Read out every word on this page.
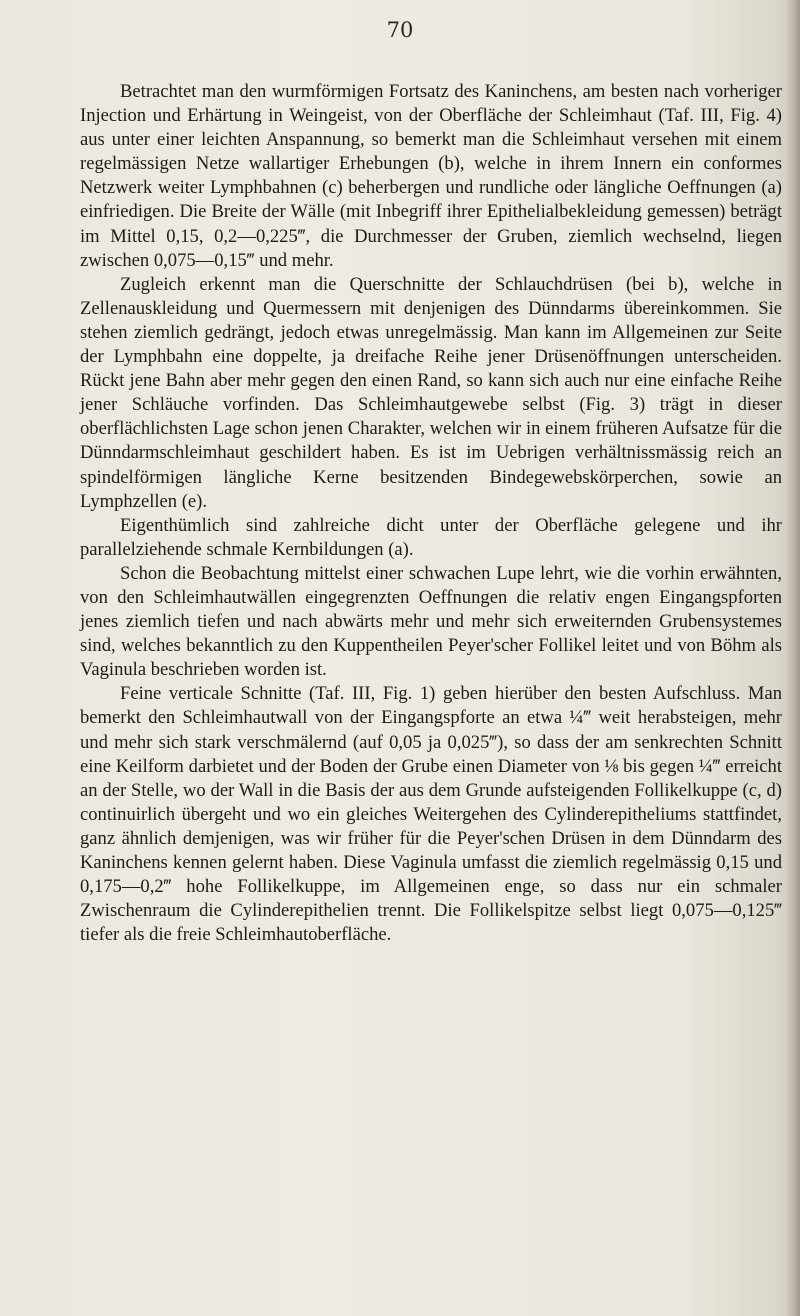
70

Betrachtet man den wurmförmigen Fortsatz des Kaninchens, am besten nach vorheriger Injection und Erhärtung in Weingeist, von der Oberfläche der Schleimhaut (Taf. III, Fig. 4) aus unter einer leichten Anspannung, so bemerkt man die Schleimhaut versehen mit einem regelmässigen Netze wallartiger Erhebungen (b), welche in ihrem Innern ein conformes Netzwerk weiter Lymphbahnen (c) beherbergen und rundliche oder längliche Oeffnungen (a) einfriedigen. Die Breite der Wälle (mit Inbegriff ihrer Epithelialbekleidung gemessen) beträgt im Mittel 0,15, 0,2—0,225‴, die Durchmesser der Gruben, ziemlich wechselnd, liegen zwischen 0,075—0,15‴ und mehr.

Zugleich erkennt man die Querschnitte der Schlauchdrüsen (bei b), welche in Zellenauskleidung und Quermessern mit denjenigen des Dünndarms übereinkommen. Sie stehen ziemlich gedrängt, jedoch etwas unregelmässig. Man kann im Allgemeinen zur Seite der Lymphbahn eine doppelte, ja dreifache Reihe jener Drüsenöffnungen unterscheiden. Rückt jene Bahn aber mehr gegen den einen Rand, so kann sich auch nur eine einfache Reihe jener Schläuche vorfinden. Das Schleimhautgewebe selbst (Fig. 3) trägt in dieser oberflächlichsten Lage schon jenen Charakter, welchen wir in einem früheren Aufsatze für die Dünndarmschleimhaut geschildert haben. Es ist im Uebrigen verhältnissmässig reich an spindelförmigen längliche Kerne besitzenden Bindegewebskörperchen, sowie an Lymphzellen (e).

Eigenthümlich sind zahlreiche dicht unter der Oberfläche gelegene und ihr parallelziehende schmale Kernbildungen (a).

Schon die Beobachtung mittelst einer schwachen Lupe lehrt, wie die vorhin erwähnten, von den Schleimhautwällen eingegrenzten Oeffnungen die relativ engen Eingangspforten jenes ziemlich tiefen und nach abwärts mehr und mehr sich erweiternden Grubensystemes sind, welches bekanntlich zu den Kuppentheilen Peyer'scher Follikel leitet und von Böhm als Vaginula beschrieben worden ist.

Feine verticale Schnitte (Taf. III, Fig. 1) geben hierüber den besten Aufschluss. Man bemerkt den Schleimhautwall von der Eingangspforte an etwa ¼‴ weit herabsteigen, mehr und mehr sich stark verschmälernd (auf 0,05 ja 0,025‴), so dass der am senkrechten Schnitt eine Keilform darbietet und der Boden der Grube einen Diameter von ⅛ bis gegen ¼‴ erreicht an der Stelle, wo der Wall in die Basis der aus dem Grunde aufsteigenden Follikelkuppe (c, d) continuirlich übergeht und wo ein gleiches Weitergehen des Cylinderepitheliums stattfindet, ganz ähnlich demjenigen, was wir früher für die Peyer'schen Drüsen in dem Dünndarm des Kaninchens kennen gelernt haben. Diese Vaginula umfasst die ziemlich regelmässig 0,15 und 0,175—0,2‴ hohe Follikelkuppe, im Allgemeinen enge, so dass nur ein schmaler Zwischenraum die Cylinderepithelien trennt. Die Follikelspitze selbst liegt 0,075—0,125‴ tiefer als die freie Schleimhautoberfläche.
